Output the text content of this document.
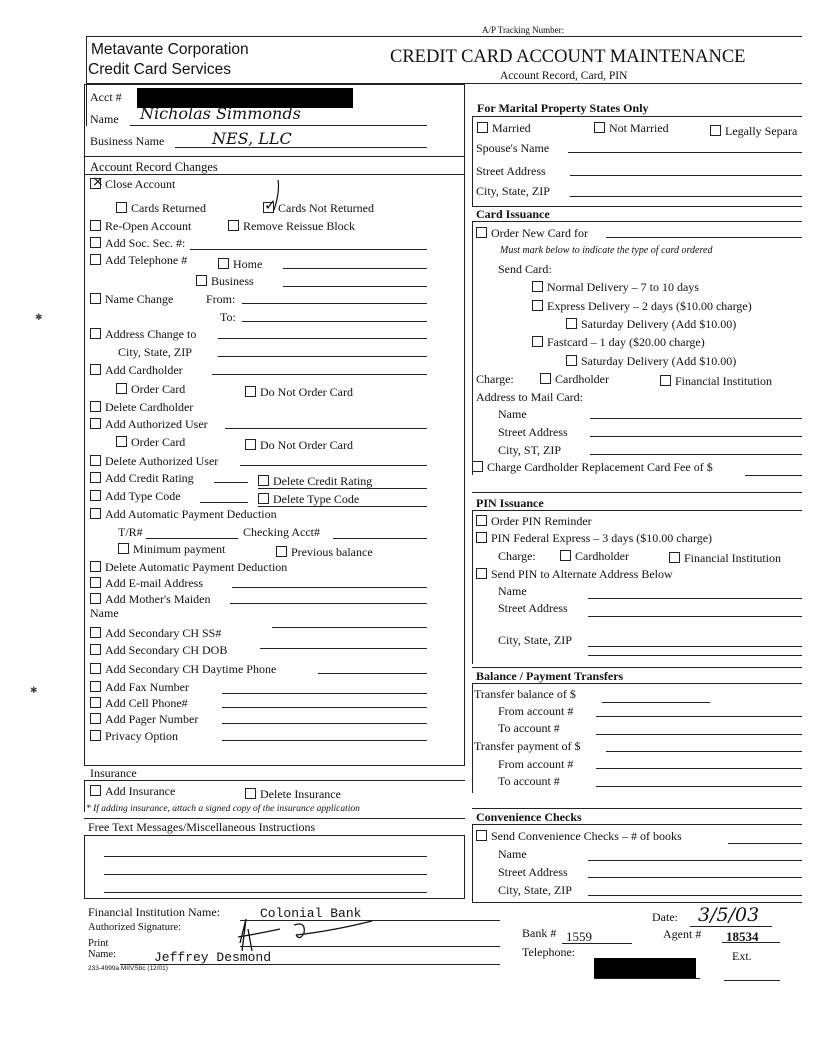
Metavante Corporation
Credit Card Services
A/P Tracking Number:
CREDIT CARD ACCOUNT MAINTENANCE
Account Record, Card, PIN
Acct #
Name Nicholas Simmonds
Business Name	NES, LLC
Account Record Changes
×Close Account
Cards Returned
✓	Cards Not Returned
Re-Open Account	Remove Reissue Block
Add Soc. Sec. #:
Add Telephone #	Home
Business
Name Change	From:
To:
Address Change to
City, State, ZIP
Add Cardholder
Order Card	Do Not Order Card
Delete Cardholder
Add Authorized User
Order Card	Do Not Order Card
Delete Authorized User
Add Credit Rating	Delete Credit Rating
Add Type Code	Delete Type Code
Add Automatic Payment Deduction
T/R#	Checking Acct#
Minimum payment	Previous balance
Delete Automatic Payment Deduction
Add E-mail Address
Add Mother's Maiden
Name
Add Secondary CH SS#
Add Secondary CH DOB
Add Secondary CH Daytime Phone
Add Fax Number
Add Cell Phone#
Add Pager Number
Privacy Option
Insurance
Add Insurance	Delete Insurance
* If adding insurance, attach a signed copy of the insurance application
Free Text Messages/Miscellaneous Instructions
For Marital Property States Only
Married	Not Married	Legally Separa
Spouse's Name
Street Address
City, State, ZIP
Card Issuance
Order New Card for
Must mark below to indicate the type of card ordered
Send Card:
Normal Delivery – 7 to 10 days
Express Delivery – 2 days ($10.00 charge)
Saturday Delivery (Add $10.00)
Fastcard – 1 day ($20.00 charge)
Saturday Delivery (Add $10.00)
Charge:	Cardholder	Financial Institution
Address to Mail Card:
Name
Street Address
City, ST, ZIP
Charge Cardholder Replacement Card Fee of $
PIN Issuance
Order PIN Reminder
PIN Federal Express – 3 days ($10.00 charge)
Charge:	Cardholder	Financial Institution
Send PIN to Alternate Address Below
Name
Street Address
City, State, ZIP
Balance / Payment Transfers
Transfer balance of $
From account #
To account #
Transfer payment of $
From account #
To account #
Convenience Checks
Send Convenience Checks – # of books
Name
Street Address
City, State, ZIP
Financial Institution Name:	Colonial Bank
Authorized Signature:
Print
Name:	Jeffrey Desmond
233-4999a MIIVSbc (12/01)
Date: 3/5/03
Bank # 1559	Agent # 18534
Telephone:	Ext.
✱
✱
